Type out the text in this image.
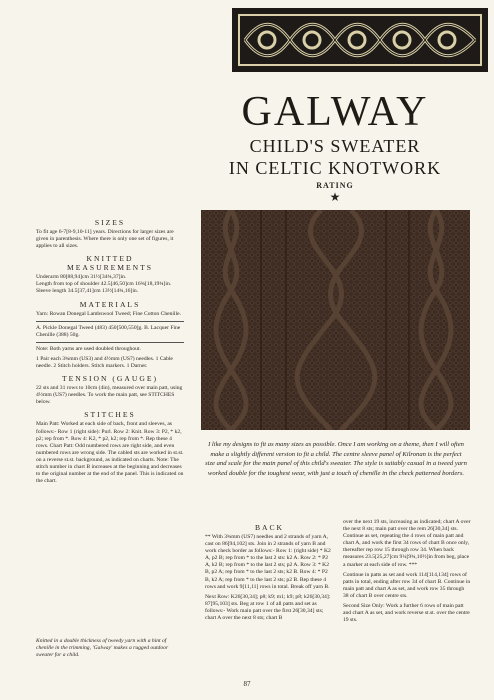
GALWAY
CHILD'S SWEATER
IN CELTIC KNOTWORK
RATING
★
SIZES
To fit age 6-7[8-9,10-11] years. Directions for larger sizes are given in parenthesis. Where there is only one set of figures, it applies to all sizes.
KNITTED
MEASUREMENTS
Underarm 80[88,94]cm 31½[34¾,37]in.
Length from top of shoulder 42.5[46,50]cm 16¾[18,19¾]in.
Sleeve length 34.5[37,41]cm 13½[14¾,16]in.
MATERIALS
Yarn: Rowan Donegal Lambswool Tweed; Fine Cotton Chenille.
A. Pickle Donegal Tweed (483) 450[500,550]g. B. Lacquer Fine Chenille (388) 50g.
Note: Both yarns are used doubled throughout.
1 Pair each 3¾mm (US3) and 4½mm (US7) needles. 1 Cable needle. 2 Stitch holders. Stitch markers. 1 Darner.
TENSION (GAUGE)
22 sts and 31 rows to 10cm (4in), measured over main patt, using 4½mm (US7) needles. To work the main patt, see STITCHES below.
STITCHES
Main Patt: Worked at each side of back, front and sleeves, as follows:- Row 1 (right side): Purl. Row 2: Knit. Row 3: P2, * k2, p2; rep from *. Row 4: K2, * p2, k2; rep from *. Rep these 4 rows. Chart Patt: Odd numbered rows are right side, and even numbered rows are wrong side. The cabled sts are worked in st.st. on a reverse st.st. background, as indicated on charts. Note: The stitch number in chart B increases at the beginning and decreases to the original number at the end of the panel. This is indicated on the chart.
Knitted in a double thickness of tweedy yarn with a hint of chenille in the trimming, 'Galway' makes a rugged outdoor sweater for a child.
I like my designs to fit as many sizes as possible. Once I am working on a theme, then I will often make a slightly different version to fit a child. The centre sleeve panel of Kilronan is the perfect size and scale for the main panel of this child's sweater. The style is suitably casual in a tweed yarn worked double for the toughest wear, with just a touch of chenille in the check patterned borders.
BACK
** With 3¾mm (US7) needles and 2 strands of yarn A, cast on 86[94,102] sts. Join in 2 strands of yarn B and work check border as follows:- Row 1: (right side) * K2 A, p2 B; rep from * to the last 2 sts: k2 A. Row 2: * P2 A, k2 B; rep from * to the last 2 sts; p2 A. Row 3: * K2 B, p2 A; rep from * to the last 2 sts; k2 B. Row 4: * P2 B, k2 A; rep from * to the last 2 sts; p2 B. Rep these 4 rows and work 9[11,11] rows in total. Break off yarn B.
Next Row: K26[30,34]; p8; k9; m1; k9; p8; k26[30,34]: 87[95,103] sts. Beg at row 1 of all patts and set as follows:- Work main patt over the first 26[30,34] sts; chart A over the next 8 sts; chart B
over the next 19 sts, increasing as indicated; chart A over the next 8 sts; main patt over the rem 26[30,34] sts. Continue as set, repeating the 4 rows of main patt and chart A, and work the first 34 rows of chart B once only, thereafter rep row 15 through row 34. When back measures 23.5[25,27]cm 9¼[9¾,10½]in from beg, place a marker at each side of row. ***
Continue in patts as set and work 114[114,134] rows of patts in total, ending after row 34 of chart B. Continue in main patt and chart A as set, and work row 35 through 38 of chart B over centre sts.
Second Size Only: Work a further 6 rows of main patt and chart A as set, and work reverse st.st. over the centre 19 sts.
87
